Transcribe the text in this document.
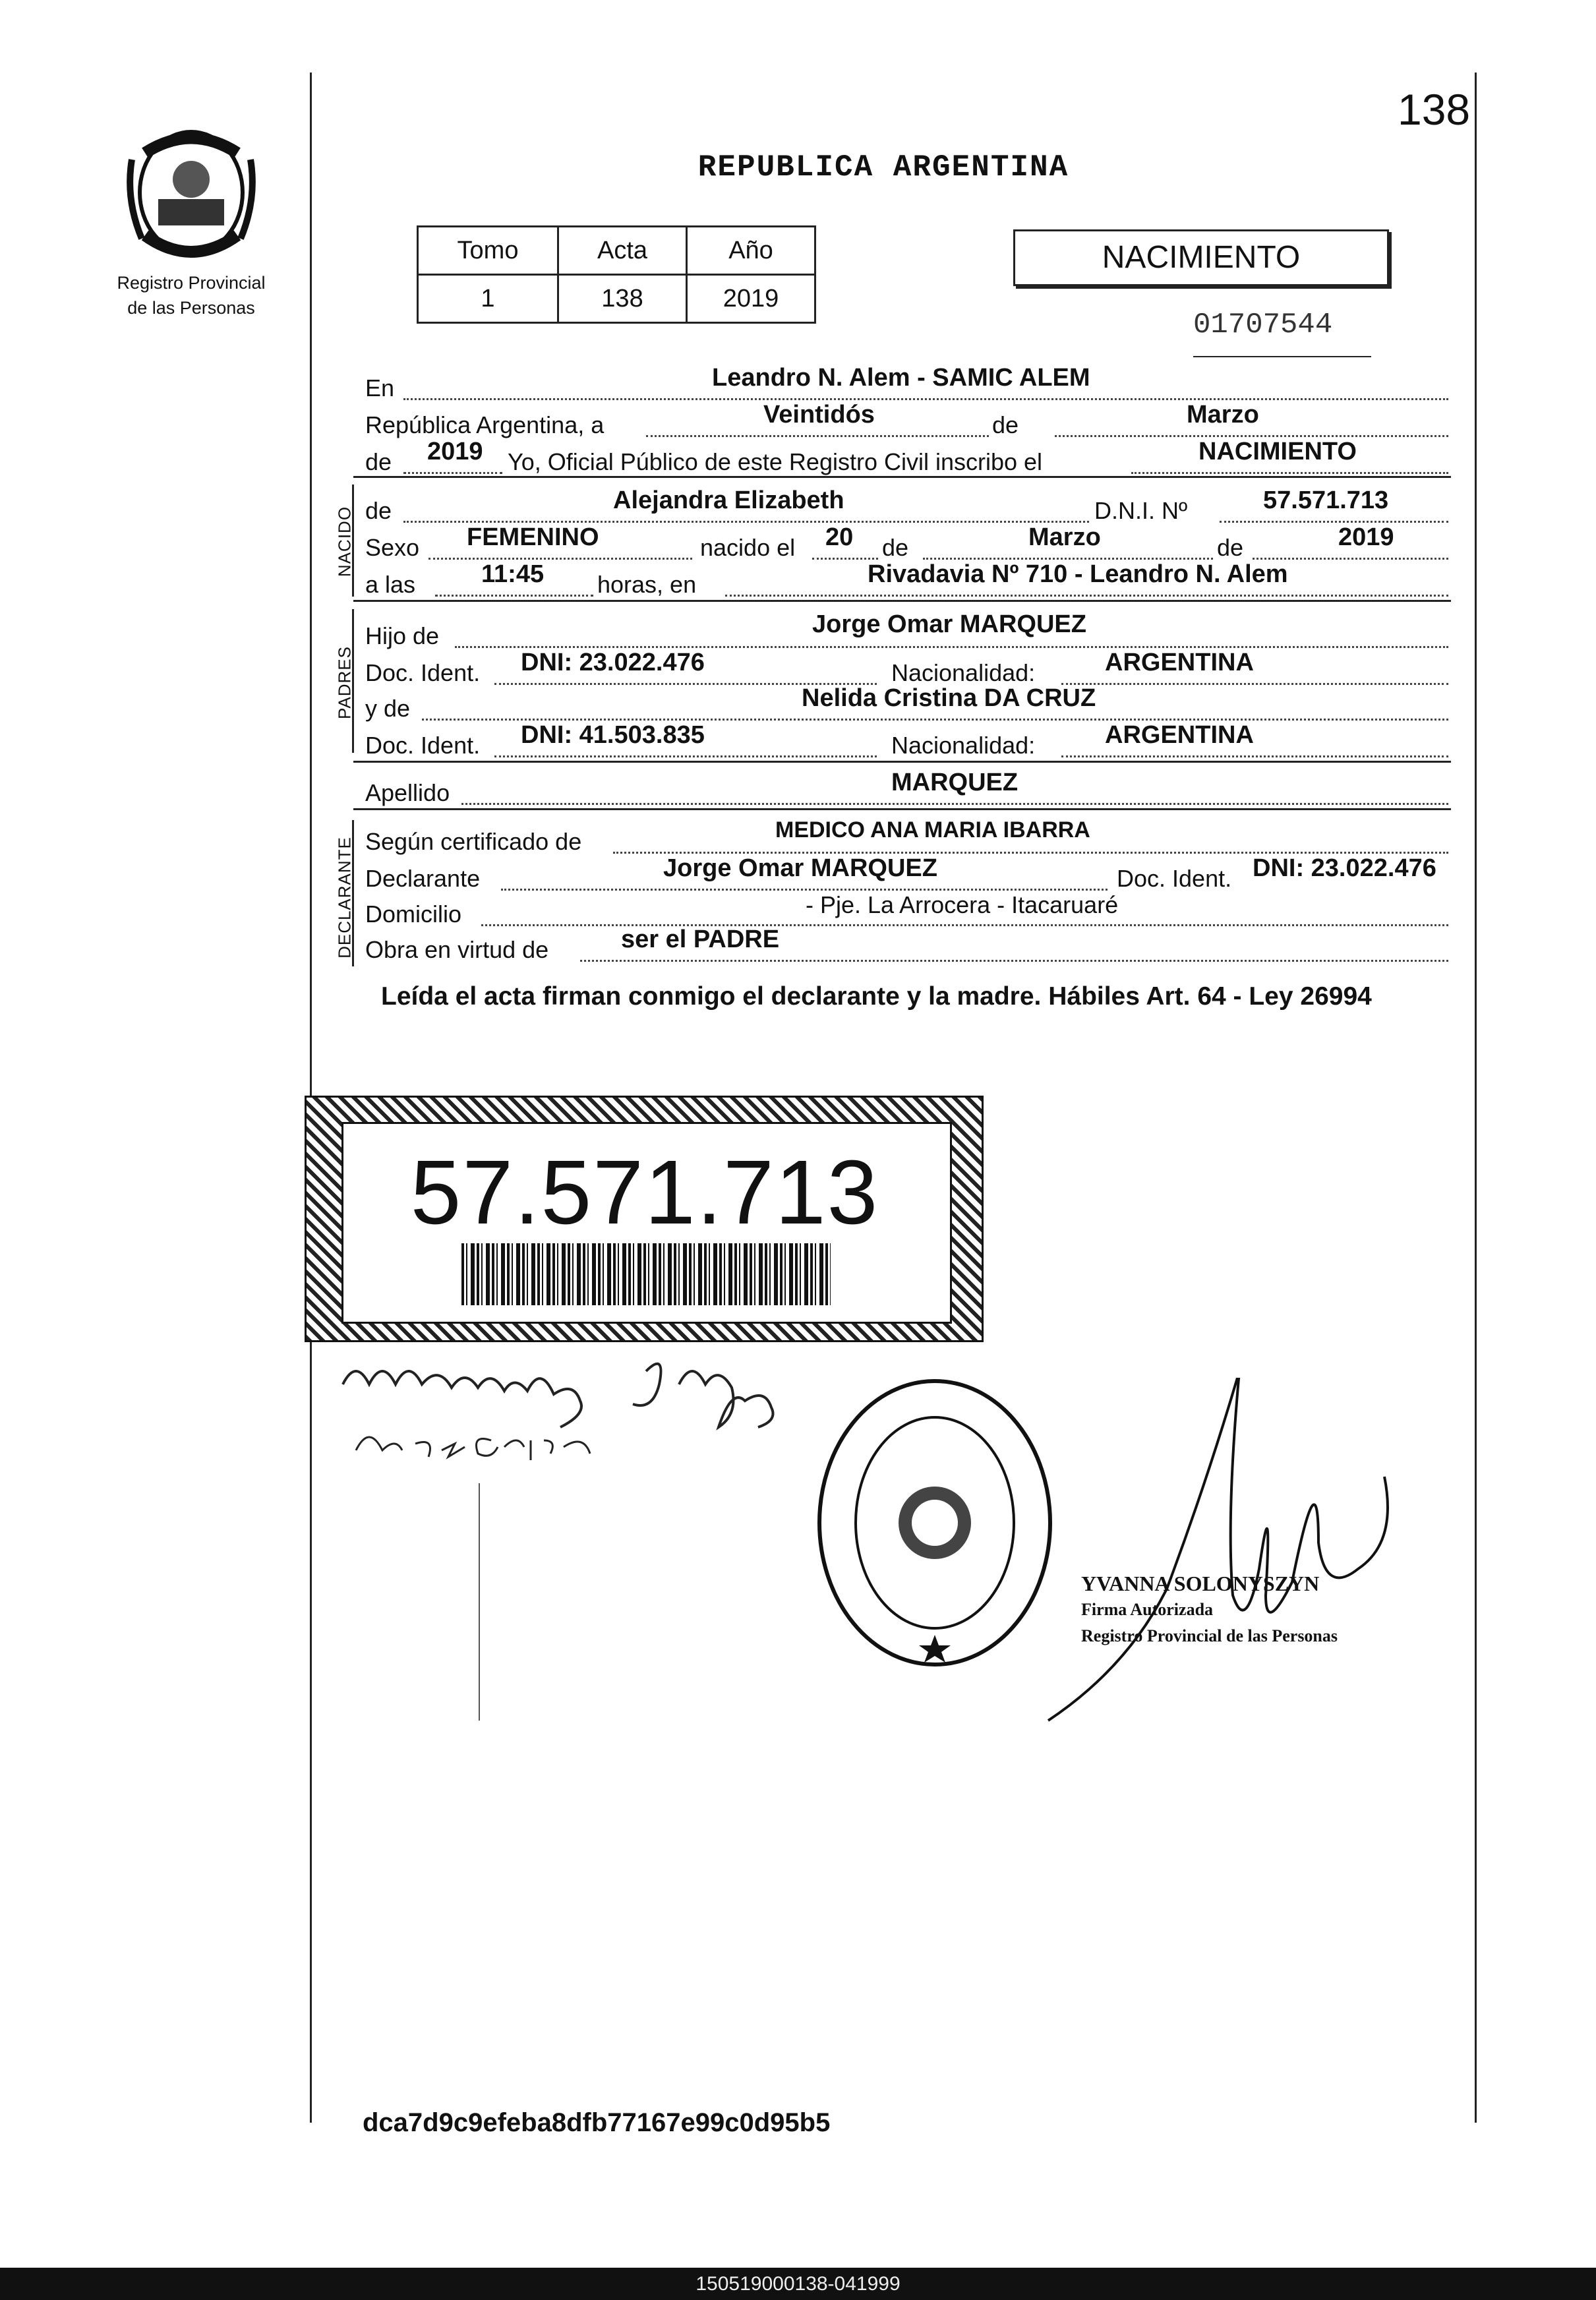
138
Registro Provincial
de las Personas
REPUBLICA ARGENTINA
Tomo	Acta	Año
1	138	2019
NACIMIENTO
01707544
En	Leandro N. Alem - SAMIC ALEM
República Argentina, a	Veintidós	de	Marzo
de 2019 Yo, Oficial Público de este Registro Civil inscribo el	NACIMIENTO
NACIDO de	Alejandra Elizabeth	D.N.I. Nº	57.571.713
Sexo FEMENINO	nacido el 20 de	Marzo	de	2019
a las	11:45 horas, en	Rivadavia Nº 710 - Leandro N. Alem
PADRES
Hijo de	Jorge Omar MARQUEZ
Doc. Ident. DNI: 23.022.476	Nacionalidad:	ARGENTINA
y de	Nelida Cristina DA CRUZ
Doc. Ident. DNI: 41.503.835	Nacionalidad:	ARGENTINA
Apellido	MARQUEZ
DECLARANTE Según certificado de	MEDICO ANA MARIA IBARRA
Declarante	Jorge Omar MARQUEZ	Doc. Ident. DNI: 23.022.476
Domicilio	- Pje. La Arrocera - Itacaruaré
Obra en virtud de	ser el PADRE
Leída el acta firman conmigo el declarante y la madre. Hábiles Art. 64 - Ley 26994
57.571.713
YVANNA SOLONYSZYN
Firma Autorizada
Registro Provincial de las Personas
dca7d9c9efeba8dfb77167e99c0d95b5
150519000138-041999
